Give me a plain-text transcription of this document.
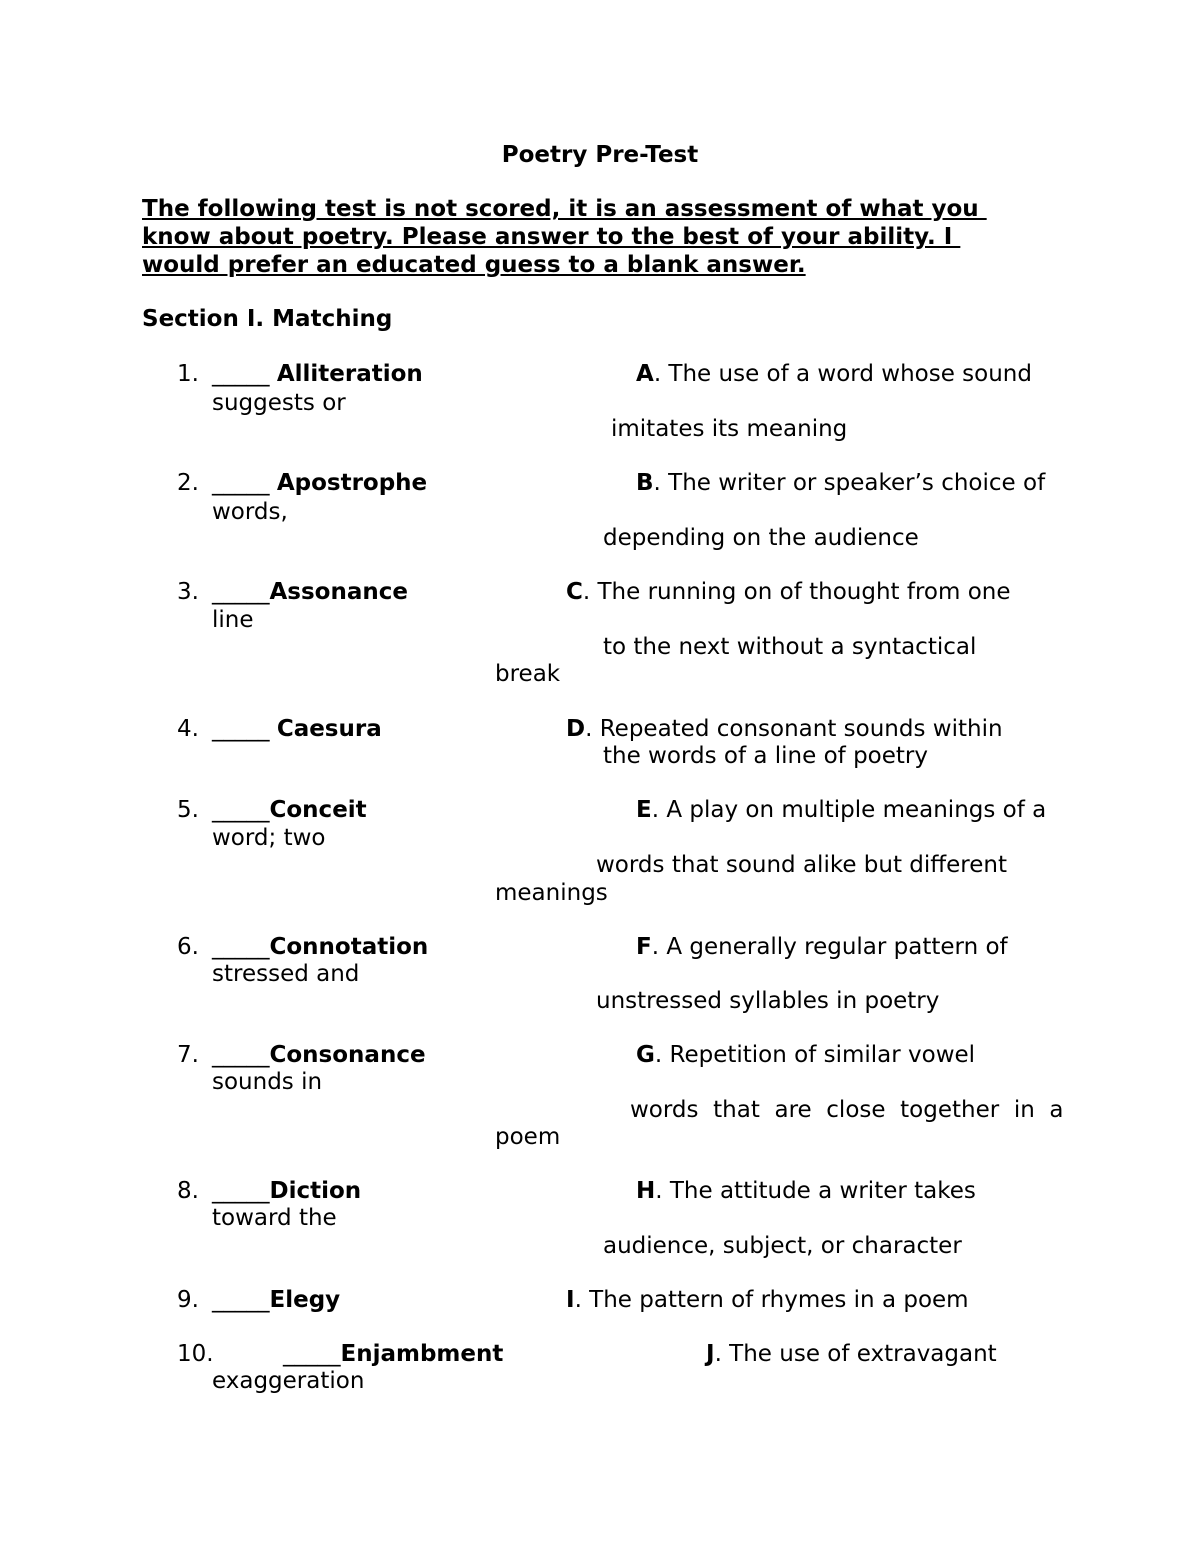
Poetry Pre-Test
The following test is not scored, it is an assessment of what you
know about poetry. Please answer to the best of your ability. I
would prefer an educated guess to a blank answer.
Section I. Matching
1. _____ Alliteration	A. The use of a word whose sound
suggests or
imitates its meaning
2. _____ Apostrophe	B. The writer or speaker’s choice of
words,
depending on the audience
3. _____Assonance	C. The running on of thought from one
line
to the next without a syntactical
break
4. _____ Caesura	D. Repeated consonant sounds within
the words of a line of poetry
5. _____Conceit	E. A play on multiple meanings of a
word; two
words that sound alike but different
meanings
6. _____Connotation	F. A generally regular pattern of
stressed and
unstressed syllables in poetry
7. _____Consonance	G. Repetition of similar vowel
sounds in
words  that  are  close  together  in  a
poem
8. _____Diction	H. The attitude a writer takes
toward the
audience, subject, or character
9. _____Elegy	I. The pattern of rhymes in a poem
10.	_____Enjambment	J. The use of extravagant
exaggeration
